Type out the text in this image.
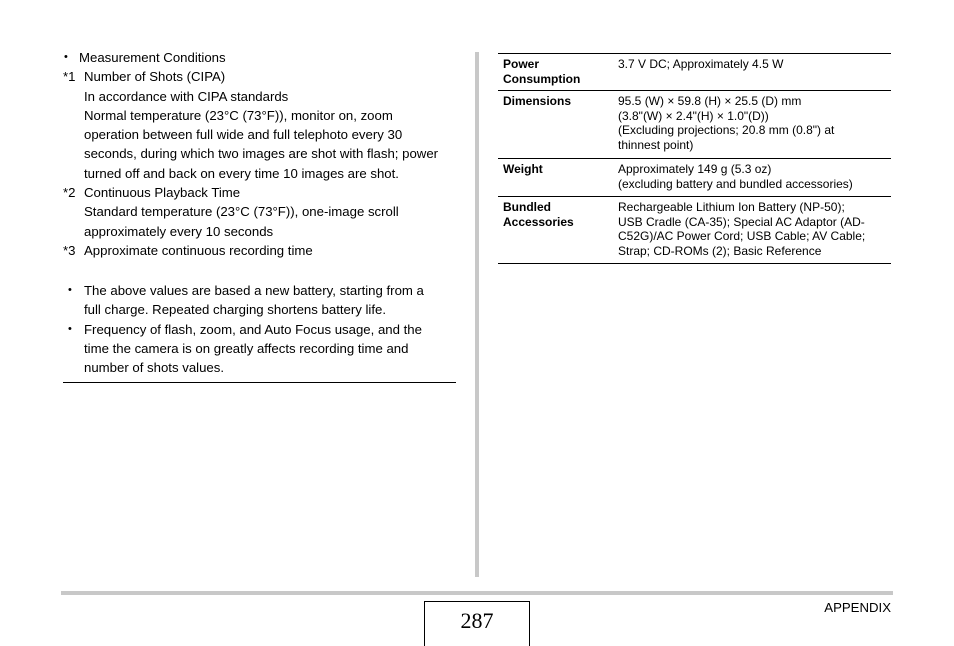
• Measurement Conditions
*1 Number of Shots (CIPA)
In accordance with CIPA standards
Normal temperature (23°C (73°F)), monitor on, zoom
operation between full wide and full telephoto every 30
seconds, during which two images are shot with flash; power
turned off and back on every time 10 images are shot.
*2 Continuous Playback Time
Standard temperature (23°C (73°F)), one-image scroll
approximately every 10 seconds
*3 Approximate continuous recording time
• The above values are based a new battery, starting from a
full charge. Repeated charging shortens battery life.
• Frequency of flash, zoom, and Auto Focus usage, and the
time the camera is on greatly affects recording time and
number of shots values.
Power
Consumption
3.7 V DC; Approximately 4.5 W
Dimensions	95.5 (W) × 59.8 (H) × 25.5 (D) mm
(3.8"(W) × 2.4"(H) × 1.0"(D))
(Excluding projections; 20.8 mm (0.8") at
thinnest point)
Weight	Approximately 149 g (5.3 oz)
(excluding battery and bundled accessories)
Bundled
Accessories
Rechargeable Lithium Ion Battery (NP-50);
USB Cradle (CA-35); Special AC Adaptor (AD-
C52G)/AC Power Cord; USB Cable; AV Cable;
Strap; CD-ROMs (2); Basic Reference
287
APPENDIX
